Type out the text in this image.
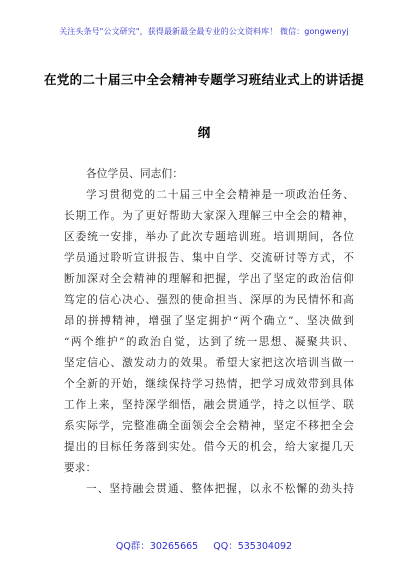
关注头条号"公文研究"，获得最新最全最专业的公文资料库！ 微信：gongwenyj
在党的二十届三中全会精神专题学习班结业式上的讲话提
纲
各位学员、同志们：
学习贯彻党的二十届三中全会精神是一项政治任务、
长期工作。为了更好帮助大家深入理解三中全会的精神，
区委统一安排，举办了此次专题培训班。培训期间，各位
学员通过聆听宣讲报告、集中自学、交流研讨等方式，不
断加深对全会精神的理解和把握，学出了坚定的政治信仰
笃定的信心决心、强烈的使命担当、深厚的为民情怀和高
昂的拼搏精神，增强了坚定拥护“两个确立”、坚决做到
“两个维护”的政治自觉，达到了统一思想、凝聚共识、
坚定信心、激发动力的效果。希望大家把这次培训当做一
个全新的开始，继续保持学习热情，把学习成效带到具体
工作上来，坚持深学细悟，融会贯通学，持之以恒学、联
系实际学，完整准确全面领会全会精神，坚定不移把全会
提出的目标任务落到实处。借今天的机会，给大家提几天
要求：
一、坚持融会贯通、整体把握，以永不松懈的劲头持
QQ群：30265665 QQ：535304092
